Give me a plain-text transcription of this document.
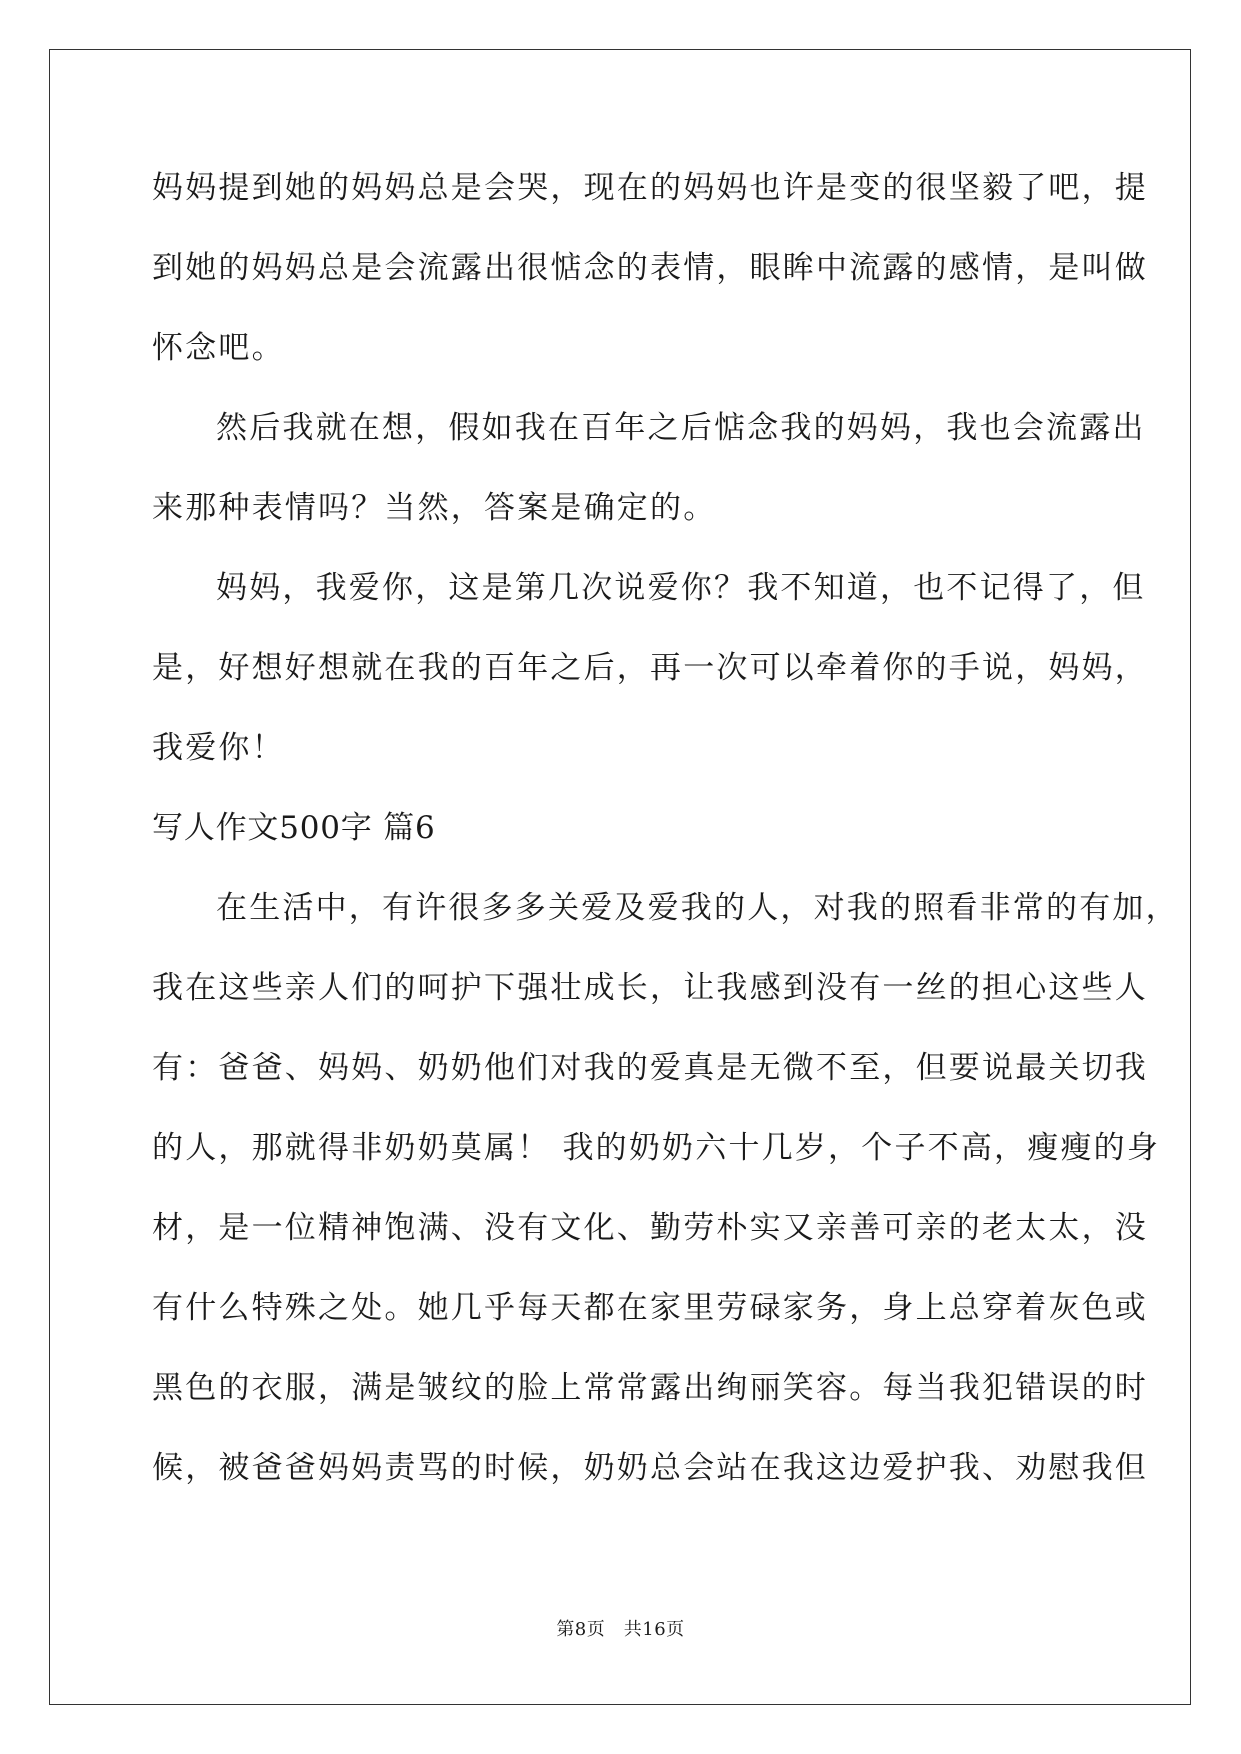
妈妈提到她的妈妈总是会哭，现在的妈妈也许是变的很坚毅了吧，提
到她的妈妈总是会流露出很惦念的表情，眼眸中流露的感情，是叫做
怀念吧。
然后我就在想，假如我在百年之后惦念我的妈妈，我也会流露出
来那种表情吗？当然，答案是确定的。
妈妈，我爱你，这是第几次说爱你？我不知道，也不记得了，但
是，好想好想就在我的百年之后，再一次可以牵着你的手说，妈妈，
我爱你！
写人作文500字 篇6
在生活中，有许很多多关爱及爱我的人，对我的照看非常的有加，
我在这些亲人们的呵护下强壮成长，让我感到没有一丝的担心这些人
有：爸爸、妈妈、奶奶他们对我的爱真是无微不至，但要说最关切我
的人，那就得非奶奶莫属！ 我的奶奶六十几岁，个子不高，瘦瘦的身
材，是一位精神饱满、没有文化、勤劳朴实又亲善可亲的老太太，没
有什么特殊之处。她几乎每天都在家里劳碌家务，身上总穿着灰色或
黑色的衣服，满是皱纹的脸上常常露出绚丽笑容。每当我犯错误的时
候，被爸爸妈妈责骂的时候，奶奶总会站在我这边爱护我、劝慰我但
第8页　共16页
